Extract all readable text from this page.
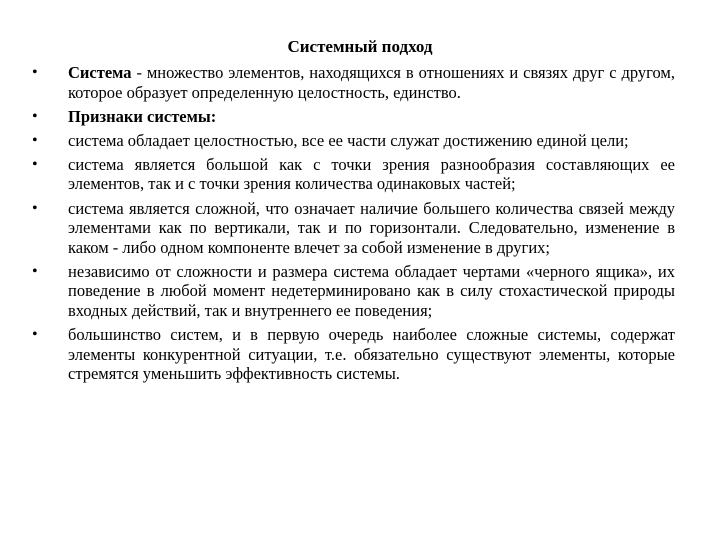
Системный подход
• Система - множество элементов, находящихся в отношениях и связях друг с другом, которое образует определенную целостность, единство.
• Признаки системы:
• система обладает целостностью, все ее части служат достижению единой цели;
• система является большой как с точки зрения разнообразия составляющих ее элементов, так и с точки зрения количества одинаковых частей;
• система является сложной, что означает наличие большего количества связей между элементами как по вертикали, так и по горизонтали. Следовательно, изменение в каком - либо одном компоненте влечет за собой изменение в других;
• независимо от сложности и размера система обладает чертами «черного ящика», их поведение в любой момент недетерминировано как в силу стохастической природы входных действий, так и внутреннего ее поведения;
• большинство систем, и в первую очередь наиболее сложные системы, содержат элементы конкурентной ситуации, т.е. обязательно существуют элементы, которые стремятся уменьшить эффективность системы.
